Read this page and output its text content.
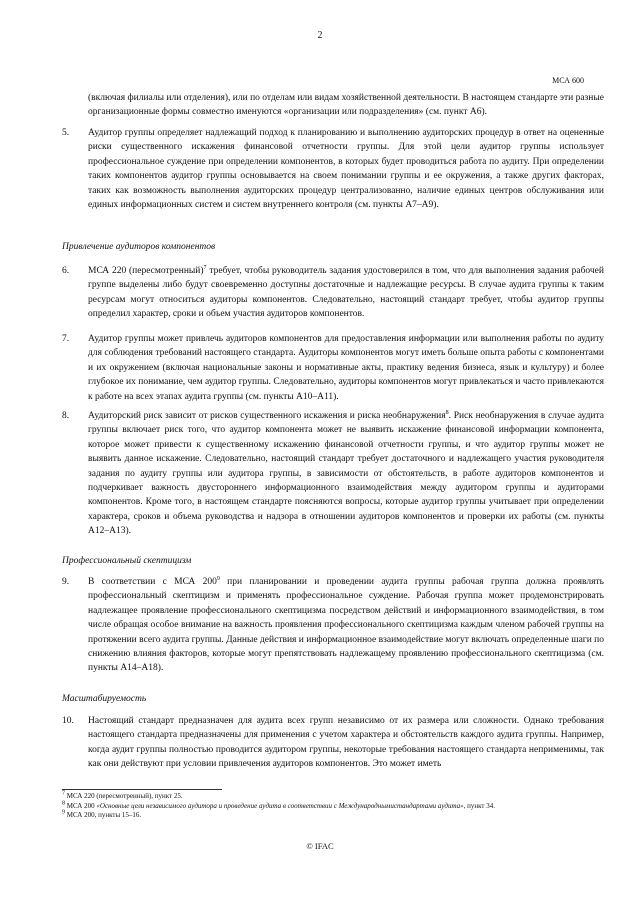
2
МСА 600
(включая филиалы или отделения), или по отделам или видам хозяйственной деятельности. В настоящем стандарте эти разные организационные формы совместно именуются «организации или подразделения» (см. пункт А6).
5.	Аудитор группы определяет надлежащий подход к планированию и выполнению аудиторских процедур в ответ на оцененные риски существенного искажения финансовой отчетности группы. Для этой цели аудитор группы использует профессиональное суждение при определении компонентов, в которых будет проводиться работа по аудиту. При определении таких компонентов аудитор группы основывается на своем понимании группы и ее окружения, а также других факторах, таких как возможность выполнения аудиторских процедур централизованно, наличие единых центров обслуживания или единых информационных систем и систем внутреннего контроля (см. пункты А7–А9).
Привлечение аудиторов компонентов
6.	МСА 220 (пересмотренный)$^7$ требует, чтобы руководитель задания удостоверился в том, что для выполнения задания рабочей группе выделены либо будут своевременно доступны достаточные и надлежащие ресурсы. В случае аудита группы к таким ресурсам могут относиться аудиторы компонентов. Следовательно, настоящий стандарт требует, чтобы аудитор группы определил характер, сроки и объем участия аудиторов компонентов.
7.	Аудитор группы может привлечь аудиторов компонентов для предоставления информации или выполнения работы по аудиту для соблюдения требований настоящего стандарта. Аудиторы компонентов могут иметь больше опыта работы с компонентами и их окружением (включая национальные законы и нормативные акты, практику ведения бизнеса, язык и культуру) и более глубокое их понимание, чем аудитор группы. Следовательно, аудиторы компонентов могут привлекаться и часто привлекаются к работе на всех этапах аудита группы (см. пункты А10–А11).
8.	Аудиторский риск зависит от рисков существенного искажения и риска необнаружения$^8$. Риск необнаружения в случае аудита группы включает риск того, что аудитор компонента может не выявить искажение финансовой информации компонента, которое может привести к существенному искажению финансовой отчетности группы, и что аудитор группы может не выявить данное искажение. Следовательно, настоящий стандарт требует достаточного и надлежащего участия руководителя задания по аудиту группы или аудитора группы, в зависимости от обстоятельств, в работе аудиторов компонентов и подчеркивает важность двустороннего информационного взаимодействия между аудитором группы и аудиторами компонентов. Кроме того, в настоящем стандарте поясняются вопросы, которые аудитор группы учитывает при определении характера, сроков и объема руководства и надзора в отношении аудиторов компонентов и проверки их работы (см. пункты А12–А13).
Профессиональный скептицизм
9.	В соответствии с МСА $200^9$ при планировании и проведении аудита группы рабочая группа должна проявлять профессиональный скептицизм и применять профессиональное суждение. Рабочая группа может продемонстрировать надлежащее проявление профессионального скептицизма посредством действий и информационного взаимодействия, в том числе обращая особое внимание на важность проявления профессионального скептицизма каждым членом рабочей группы на протяжении всего аудита группы. Данные действия и информационное взаимодействие могут включать определенные шаги по снижению влияния факторов, которые могут препятствовать надлежащему проявлению профессионального скептицизма (см. пункты А14–А18).
Масштабируемость
10.	Настоящий стандарт предназначен для аудита всех групп независимо от их размера или сложности. Однако требования настоящего стандарта предназначены для применения с учетом характера и обстоятельств каждого аудита группы. Например, когда аудит группы полностью проводится аудитором группы, некоторые требования настоящего стандарта неприменимы, так как они действуют при условии привлечения аудиторов компонентов. Это может иметь
$^7$ МСА 220 (пересмотренный), пункт 25.
$^8$ МСА 200 «Основные цели независимого аудитора и проведение аудита в соответствии с Международнымистандартами аудита», пункт 34.
$^9$ МСА 200, пункты 15–16.
© IFAC
